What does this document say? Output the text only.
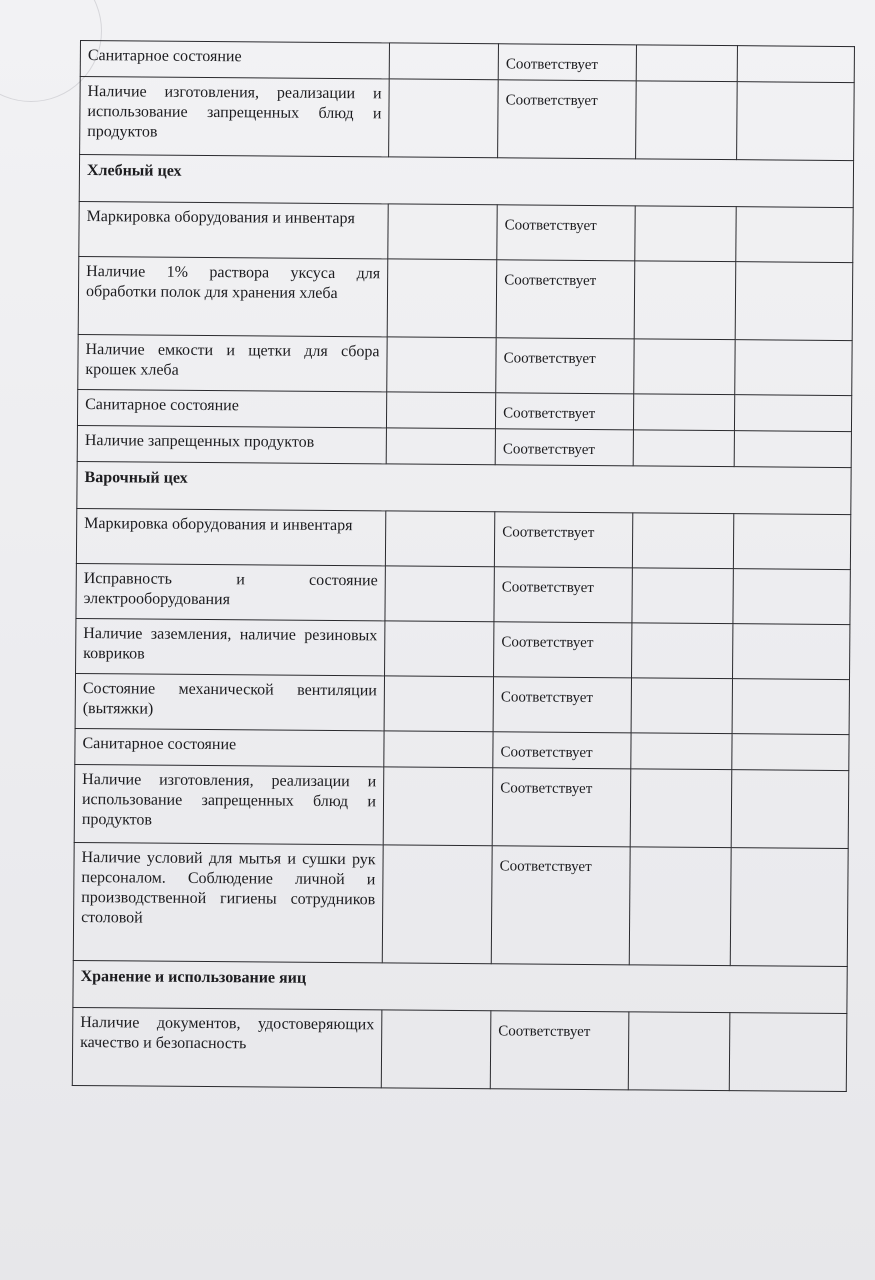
Санитарное состояние		Соответствует		
Наличие изготовления, реализации и использование запрещенных блюд и продуктов		Соответствует		
Хлебный цех				
Маркировка оборудования и инвентаря		Соответствует		
Наличие 1% раствора уксуса для обработки полок для хранения хлеба		Соответствует		
Наличие емкости и щетки для сбора крошек хлеба		Соответствует		
Санитарное состояние		Соответствует		
Наличие запрещенных продуктов		Соответствует		
Варочный цех				
Маркировка оборудования и инвентаря		Соответствует		
Исправность и состояние электрооборудования		Соответствует		
Наличие заземления, наличие резиновых ковриков		Соответствует		
Состояние механической вентиляции (вытяжки)		Соответствует		
Санитарное состояние		Соответствует		
Наличие изготовления, реализации и использование запрещенных блюд и продуктов		Соответствует		
Наличие условий для мытья и сушки рук персоналом. Соблюдение личной и производственной гигиены сотрудников столовой		Соответствует		
Хранение и использование яиц				
Наличие документов, удостоверяющих качество и безопасность		Соответствует		
